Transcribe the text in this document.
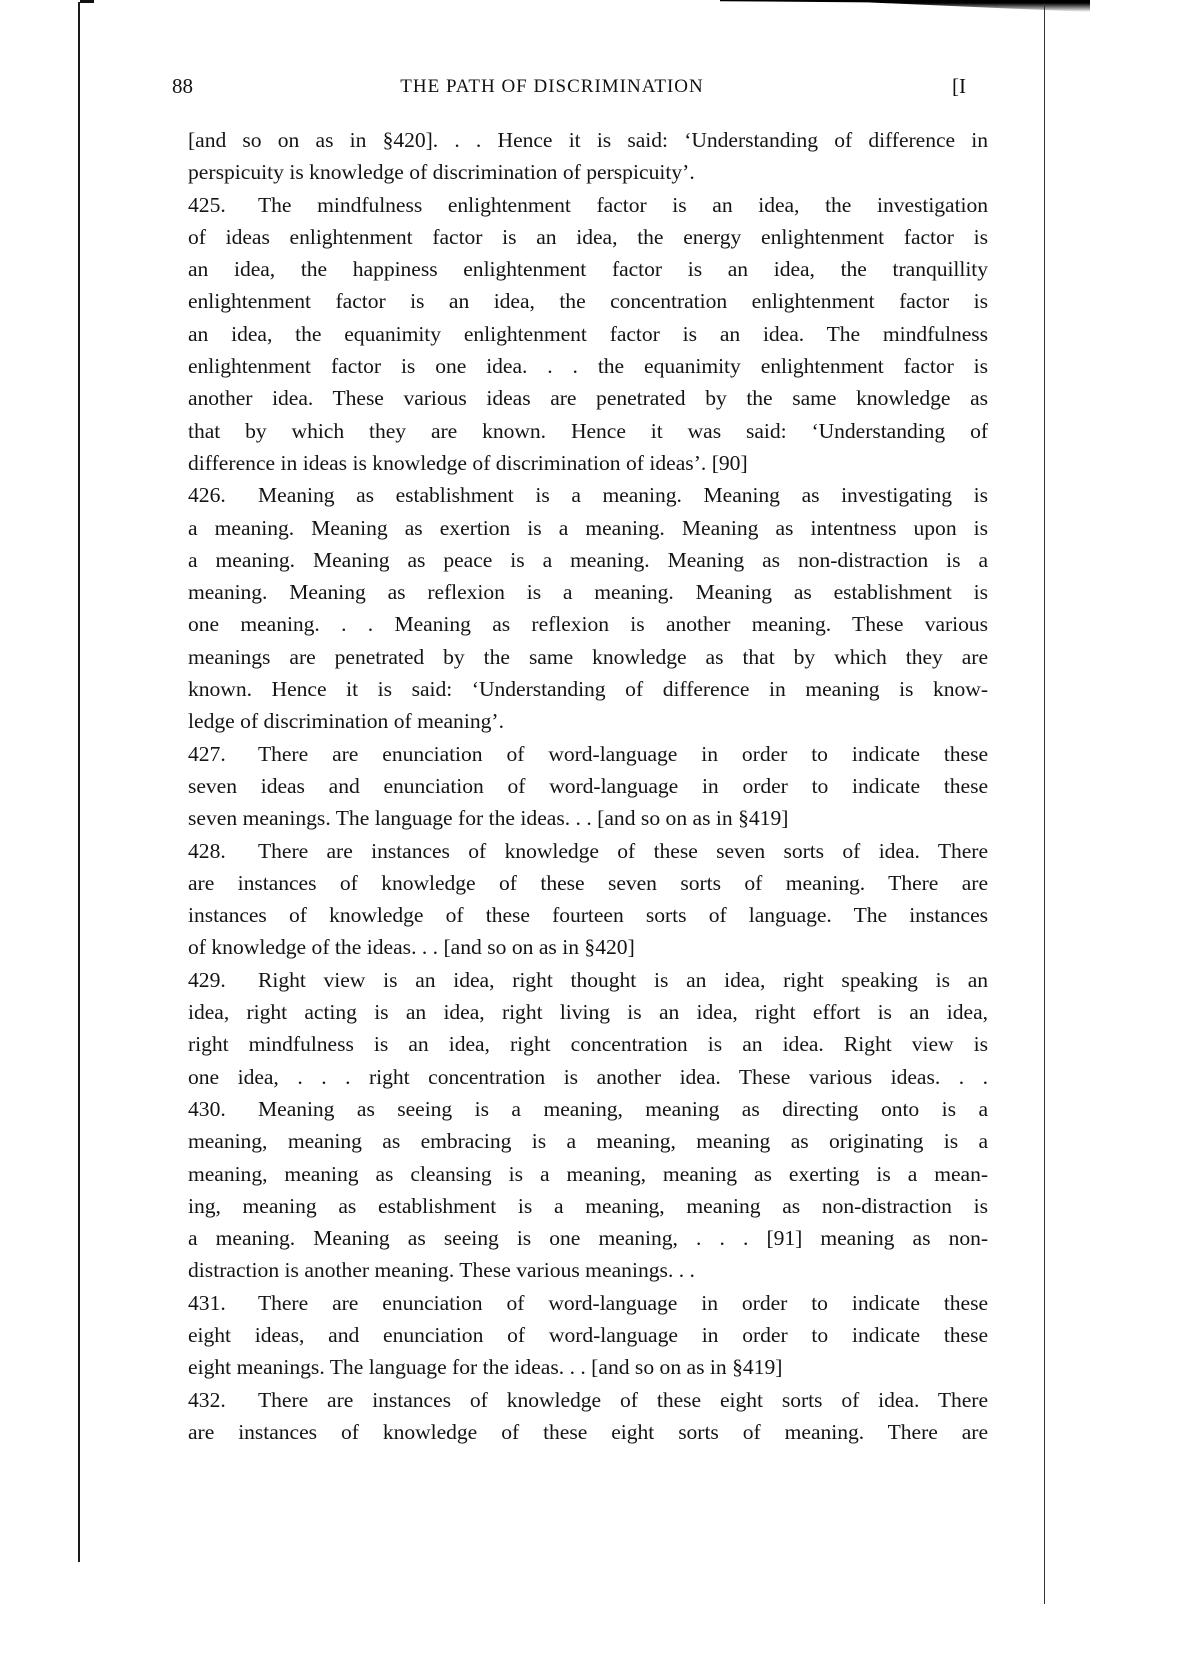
88	THE PATH OF DISCRIMINATION	[I
[and so on as in §420]. . . Hence it is said: ‘Understanding of difference in
perspicuity is knowledge of discrimination of perspicuity’.
425. The mindfulness enlightenment factor is an idea, the investigation
of ideas enlightenment factor is an idea, the energy enlightenment factor is
an idea, the happiness enlightenment factor is an idea, the tranquillity
enlightenment factor is an idea, the concentration enlightenment factor is
an idea, the equanimity enlightenment factor is an idea. The mindfulness
enlightenment factor is one idea. . . the equanimity enlightenment factor is
another idea. These various ideas are penetrated by the same knowledge as
that by which they are known. Hence it was said: ‘Understanding of
difference in ideas is knowledge of discrimination of ideas’. [90]
426. Meaning as establishment is a meaning. Meaning as investigating is
a meaning. Meaning as exertion is a meaning. Meaning as intentness upon is
a meaning. Meaning as peace is a meaning. Meaning as non-distraction is a
meaning. Meaning as reflexion is a meaning. Meaning as establishment is
one meaning. . . Meaning as reflexion is another meaning. These various
meanings are penetrated by the same knowledge as that by which they are
known. Hence it is said: ‘Understanding of difference in meaning is know-
ledge of discrimination of meaning’.
427. There are enunciation of word-language in order to indicate these
seven ideas and enunciation of word-language in order to indicate these
seven meanings. The language for the ideas. . . [and so on as in §419]
428. There are instances of knowledge of these seven sorts of idea. There
are instances of knowledge of these seven sorts of meaning. There are
instances of knowledge of these fourteen sorts of language. The instances
of knowledge of the ideas. . . [and so on as in §420]
429. Right view is an idea, right thought is an idea, right speaking is an
idea, right acting is an idea, right living is an idea, right effort is an idea,
right mindfulness is an idea, right concentration is an idea. Right view is
one idea, . . . right concentration is another idea. These various ideas. . .
430. Meaning as seeing is a meaning, meaning as directing onto is a
meaning, meaning as embracing is a meaning, meaning as originating is a
meaning, meaning as cleansing is a meaning, meaning as exerting is a mean-
ing, meaning as establishment is a meaning, meaning as non-distraction is
a meaning. Meaning as seeing is one meaning, . . . [91] meaning as non-
distraction is another meaning. These various meanings. . .
431. There are enunciation of word-language in order to indicate these
eight ideas, and enunciation of word-language in order to indicate these
eight meanings. The language for the ideas. . . [and so on as in §419]
432. There are instances of knowledge of these eight sorts of idea. There
are instances of knowledge of these eight sorts of meaning. There are
